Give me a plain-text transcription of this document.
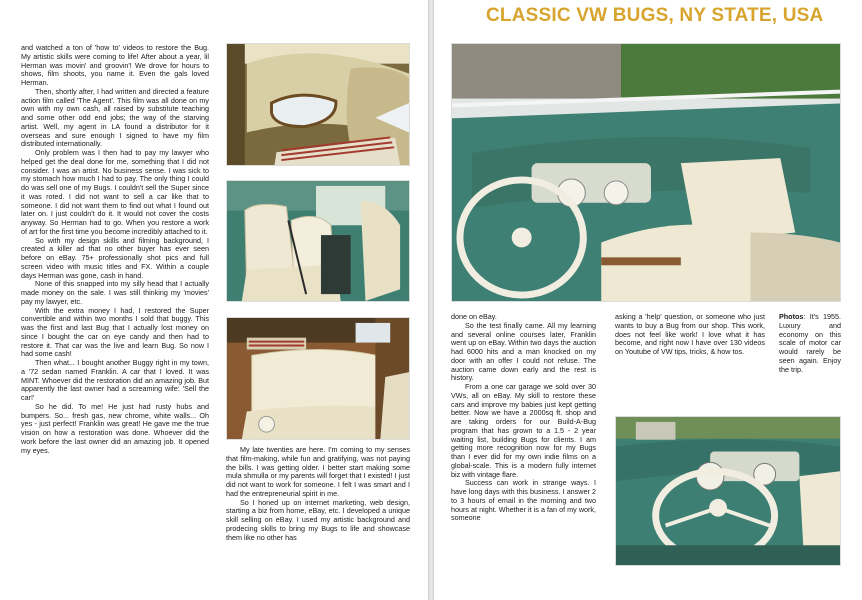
and watched a ton of 'how to' videos to restore the Bug. My artistic skills were coming to life! After about a year, lil Herman was movin' and groovin'! We drove for hours to shows, film shoots, you name it. Even the gals loved Herman.

Then, shortly after, I had written and directed a feature action film called 'The Agent'. This film was all done on my own with my own cash, all raised by substitute teaching and some other odd end jobs; the way of the starving artist. Well, my agent in LA found a distributor for it overseas and sure enough I signed to have my film distributed internationally.

Only problem was I then had to pay my lawyer who helped get the deal done for me, something that I did not consider. I was an artist. No business sense. I was sick to my stomach how much I had to pay. The only thing I could do was sell one of my Bugs. I couldn't sell the Super since it was roted. I did not want to sell a car like that to someone. I did not want them to find out what I found out later on. I just couldn't do it. It would not cover the costs anyway. So Herman had to go. When you restore a work of art for the first time you become incredibly attached to it.

So with my design skills and filming background, I created a killer ad that no other buyer has ever seen before on eBay. 75+ professionally shot pics and full screen video with music titles and FX. Within a couple days Herman was gone, cash in hand.

None of this snapped into my silly head that I actually made money on the sale. I was still thinking my 'movies' pay my lawyer, etc.

With the extra money I had, I restored the Super convertible and within two months I sold that buggy. This was the first and last Bug that I actually lost money on since I bought the car on eye candy and then had to restore it. That car was the live and learn Bug. So now I had some cash!

Then what... I bought another Buggy right in my town, a '72 sedan named Franklin. A car that I loved. It was MINT. Whoever did the restoration did an amazing job. But apparently the last owner had a screaming wife: 'Sell the car!'

So he did. To me! He just had rusty hubs and bumpers. So... fresh gas, new chrome, white walls... Oh yes - just perfect! Franklin was great! He gave me the true vision on how a restoration was done. Whoever did the work before the last owner did an amazing job. It opened my eyes.	My late twenties are here. I'm coming to my senses that film-making, while fun and gratifying, was not paying the bills. I was getting older. I better start making some mula shmulla or my parents will forget that I existed! I just did not want to work for someone. I felt I was smart and I had the entrepreneurial spirit in me.

So I honed up on internet marketing, web design, starting a biz from home, eBay, etc. I developed a unique skill selling on eBay. I used my artistic background and prodecing skills to bring my Bugs to life and showcase them like no other has

CLASSIC VW BUGS, NY STATE, USA

done on eBay.

So the test finally came. All my learning and several online courses later, Franklin went up on eBay. Within two days the auction had 6000 hits and a man knocked on my door with an offer I could not refuse. The auction came down early and the rest is history.

From a one car garage we sold over 30 VWs, all on eBay. My skill to restore these cars and improve my babies just kept getting better. Now we have a 2000sq ft. shop and are taking orders for our Build-A-Bug program that has grown to a 1.5 - 2 year waiting list, building Bugs for clients. I am getting more recognition now for my Bugs than I ever did for my own indie films on a global-scale. This is a modern fully internet biz with vintage flare.

Success can work in strange ways. I have long days with this business. I answer 2 to 3 hours of email in the morning and two hours at night. Whether it is a fan of my work, someone

asking a 'help' question, or someone who just wants to buy a Bug from our shop. This work, does not feel like work! I love what it has become, and right now I have over 130 videos on Youtube of VW tips, tricks, & how tos.

Photos: It's 1955. Luxury and economy on this scale of motor car would rarely be seen again. Enjoy the trip.
